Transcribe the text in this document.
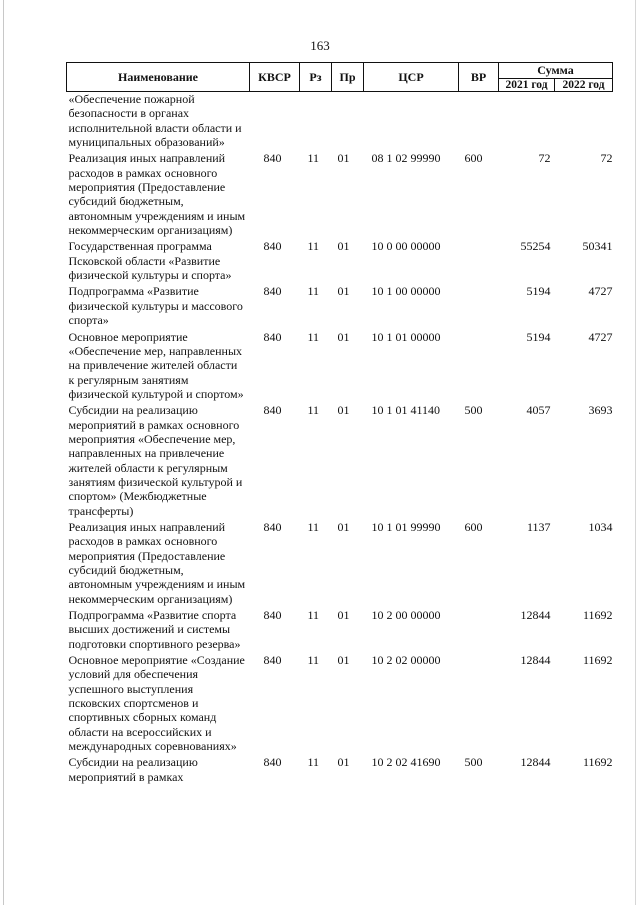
163
Наименование	КВСР	Рз	Пр	ЦСР	ВР	Сумма	
						2021 год	2022 год
«Обеспечение пожарной безопасности в органах исполнительной власти области и муниципальных образований»							
Реализация иных направлений расходов в рамках основного мероприятия (Предоставление субсидий бюджетным, автономным учреждениям и иным некоммерческим организациям)	840	11	01	08 1 02 99990	600	72	72
Государственная программа Псковской области «Развитие физической культуры и спорта»	840	11	01	10 0 00 00000		55254	50341
Подпрограмма «Развитие физической культуры и массового спорта»	840	11	01	10 1 00 00000		5194	4727
Основное мероприятие «Обеспечение мер, направленных на привлечение жителей области к регулярным занятиям физической культурой и спортом»	840	11	01	10 1 01 00000		5194	4727
Субсидии на реализацию мероприятий в рамках основного мероприятия «Обеспечение мер, направленных на привлечение жителей области к регулярным занятиям физической культурой и спортом» (Межбюджетные трансферты)	840	11	01	10 1 01 41140	500	4057	3693
Реализация иных направлений расходов в рамках основного мероприятия (Предоставление субсидий бюджетным, автономным учреждениям и иным некоммерческим организациям)	840	11	01	10 1 01 99990	600	1137	1034
Подпрограмма «Развитие спорта высших достижений и системы подготовки спортивного резерва»	840	11	01	10 2 00 00000		12844	11692
Основное мероприятие «Создание условий для обеспечения успешного выступления псковских спортсменов и спортивных сборных команд области на всероссийских и международных соревнованиях»	840	11	01	10 2 02 00000		12844	11692
Субсидии на реализацию мероприятий в рамках	840	11	01	10 2 02 41690	500	12844	11692
